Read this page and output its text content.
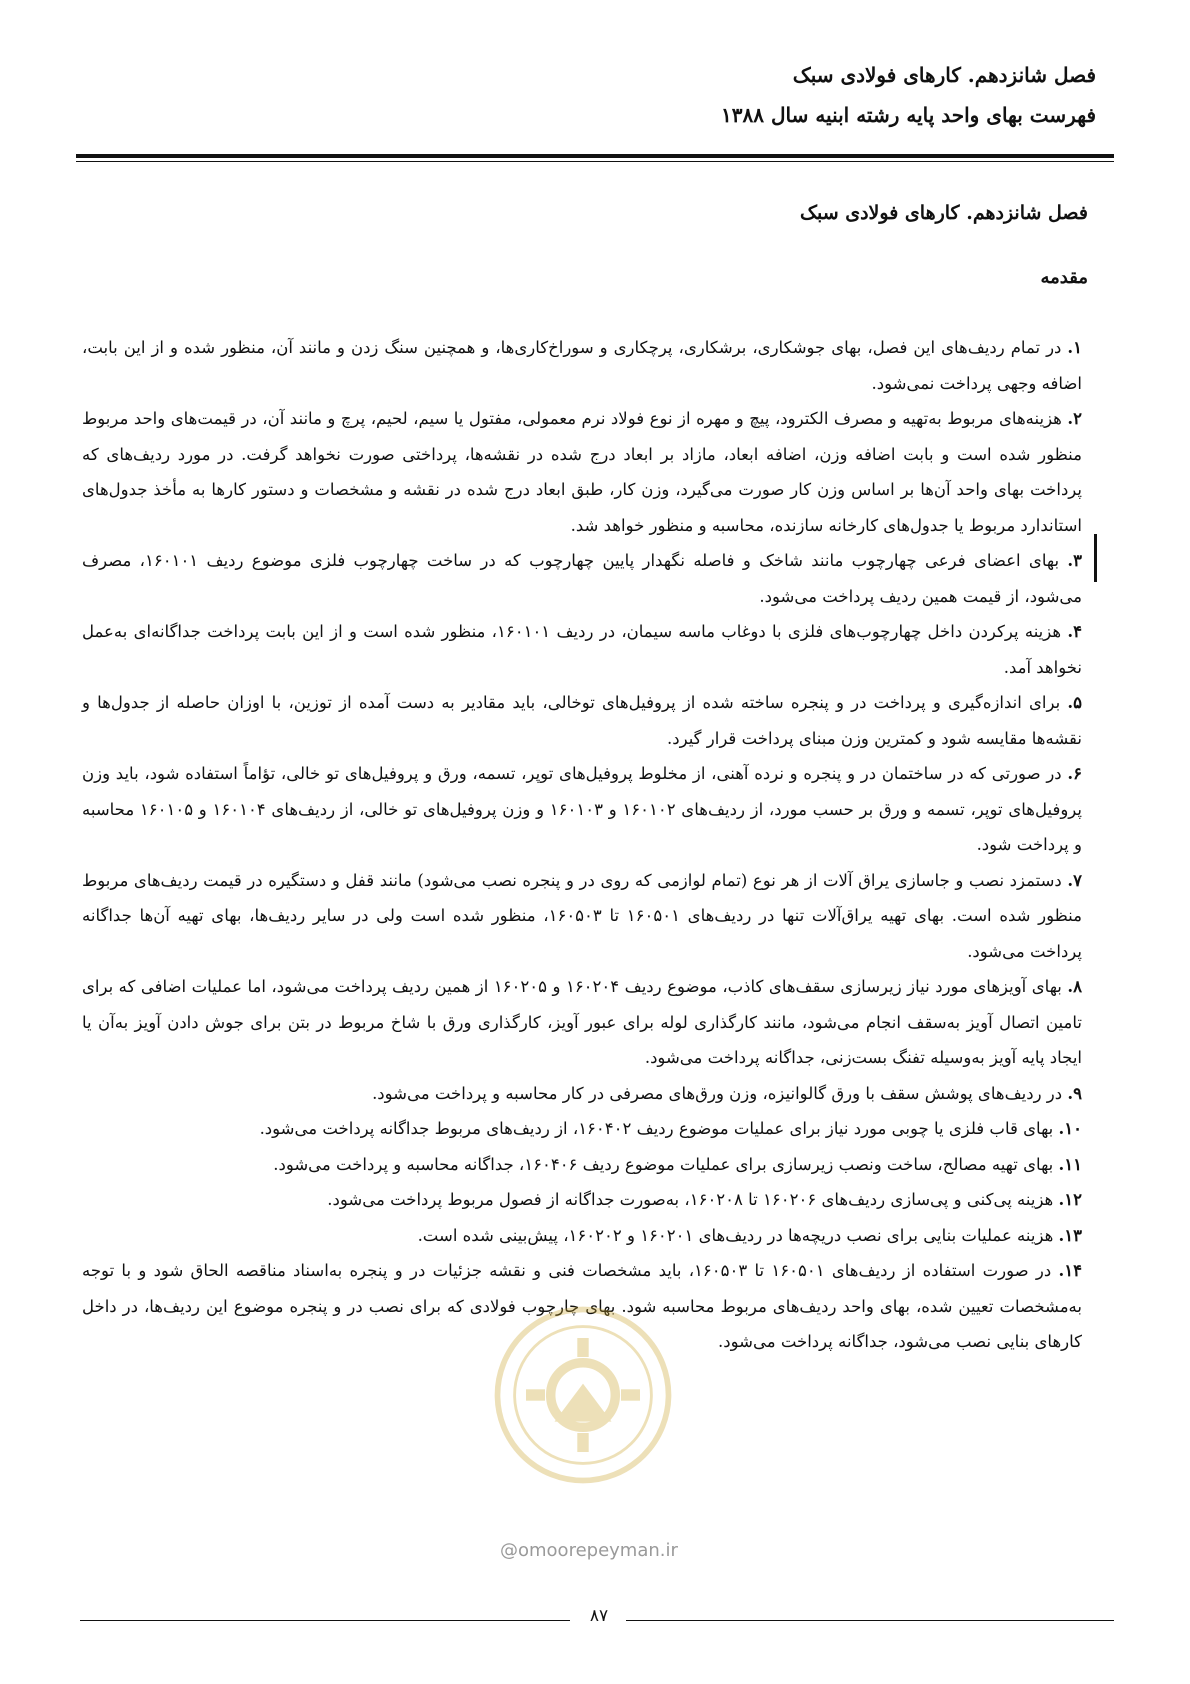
فصل شانزدهم. کارهای فولادی سبک
فهرست بهای واحد پایه رشته ابنیه سال ۱۳۸۸
فصل شانزدهم. کارهای فولادی سبک
مقدمه

۱. در تمام ردیف‌های این فصل، بهای جوشکاری، برشکاری، پرچکاری و سوراخ‌کاری‌ها، و همچنین سنگ زدن و مانند آن، منظور شده و از این بابت، اضافه وجهی پرداخت نمی‌شود.

۲. هزینه‌های مربوط به‌تهیه و مصرف الکترود، پیچ و مهره از نوع فولاد نرم معمولی، مفتول یا سیم، لحیم، پرچ و مانند آن، در قیمت‌های واحد مربوط منظور شده است و بابت اضافه وزن، اضافه ابعاد، مازاد بر ابعاد درج شده در نقشه‌ها، پرداختی صورت نخواهد گرفت. در مورد ردیف‌های که پرداخت بهای واحد آن‌ها بر اساس وزن کار صورت می‌گیرد، وزن کار، طبق ابعاد درج شده در نقشه و مشخصات و دستور کارها به مأخذ جدول‌های استاندارد مربوط یا جدول‌های کارخانه سازنده، محاسبه و منظور خواهد شد.

۳. بهای اعضای فرعی چهارچوب مانند شاخک و فاصله نگهدار پایین چهارچوب که در ساخت چهارچوب فلزی موضوع ردیف ۱۶۰۱۰۱، مصرف می‌شود، از قیمت همین ردیف پرداخت می‌شود.

۴. هزینه پرکردن داخل چهارچوب‌های فلزی با دوغاب ماسه سیمان، در ردیف ۱۶۰۱۰۱، منظور شده است و از این بابت پرداخت جداگانه‌ای به‌عمل نخواهد آمد.

۵. برای اندازه‌گیری و پرداخت در و پنجره ساخته شده از پروفیل‌های توخالی، باید مقادیر به دست آمده از توزین، با اوزان حاصله از جدول‌ها و نقشه‌ها مقایسه شود و کمترین وزن مبنای پرداخت قرار گیرد.

۶. در صورتی که در ساختمان در و پنجره و نرده آهنی، از مخلوط پروفیل‌های توپر، تسمه، ورق و پروفیل‌های تو خالی، تؤاماً استفاده شود، باید وزن پروفیل‌های توپر، تسمه و ورق بر حسب مورد، از ردیف‌های ۱۶۰۱۰۲ و ۱۶۰۱۰۳ و وزن پروفیل‌های تو خالی، از ردیف‌های ۱۶۰۱۰۴ و ۱۶۰۱۰۵ محاسبه و پرداخت شود.

۷. دستمزد نصب و جاسازی یراق آلات از هر نوع (تمام لوازمی که روی در و پنجره نصب می‌شود) مانند قفل و دستگیره در قیمت ردیف‌های مربوط منظور شده است. بهای تهیه یراق‌آلات تنها در ردیف‌های ۱۶۰۵۰۱ تا ۱۶۰۵۰۳، منظور شده است ولی در سایر ردیف‌ها، بهای تهیه آن‌ها جداگانه پرداخت می‌شود.

۸. بهای آویزهای مورد نیاز زیرسازی سقف‌های کاذب، موضوع ردیف ۱۶۰۲۰۴ و ۱۶۰۲۰۵ از همین ردیف پرداخت می‌شود، اما عملیات اضافی که برای تامین اتصال آویز به‌سقف انجام می‌شود، مانند کارگذاری لوله برای عبور آویز، کارگذاری ورق با شاخ مربوط در بتن برای جوش دادن آویز به‌آن یا ایجاد پایه آویز به‌وسیله تفنگ بست‌زنی، جداگانه پرداخت می‌شود.

۹. در ردیف‌های پوشش سقف با ورق گالوانیزه، وزن ورق‌های مصرفی در کار محاسبه و پرداخت می‌شود.

۱۰. بهای قاب فلزی یا چوبی مورد نیاز برای عملیات موضوع ردیف ۱۶۰۴۰۲، از ردیف‌های مربوط جداگانه پرداخت می‌شود.

۱۱. بهای تهیه مصالح، ساخت ونصب زیرسازی برای عملیات موضوع ردیف ۱۶۰۴۰۶، جداگانه محاسبه و پرداخت می‌شود.

۱۲. هزینه پی‌کنی و پی‌سازی ردیف‌های ۱۶۰۲۰۶ تا ۱۶۰۲۰۸، به‌صورت جداگانه از فصول مربوط پرداخت می‌شود.

۱۳. هزینه عملیات بنایی برای نصب دریچه‌ها در ردیف‌های ۱۶۰۲۰۱ و ۱۶۰۲۰۲، پیش‌بینی شده است.

۱۴. در صورت استفاده از ردیف‌های ۱۶۰۵۰۱ تا ۱۶۰۵۰۳، باید مشخصات فنی و نقشه جزئیات در و پنجره به‌اسناد مناقصه الحاق شود و با توجه به‌مشخصات تعیین شده، بهای واحد ردیف‌های مربوط محاسبه شود. بهای چارچوب فولادی که برای نصب در و پنجره موضوع این ردیف‌ها، در داخل کارهای بنایی نصب می‌شود، جداگانه پرداخت می‌شود.

@omoorepeyman.ir
۸۷
